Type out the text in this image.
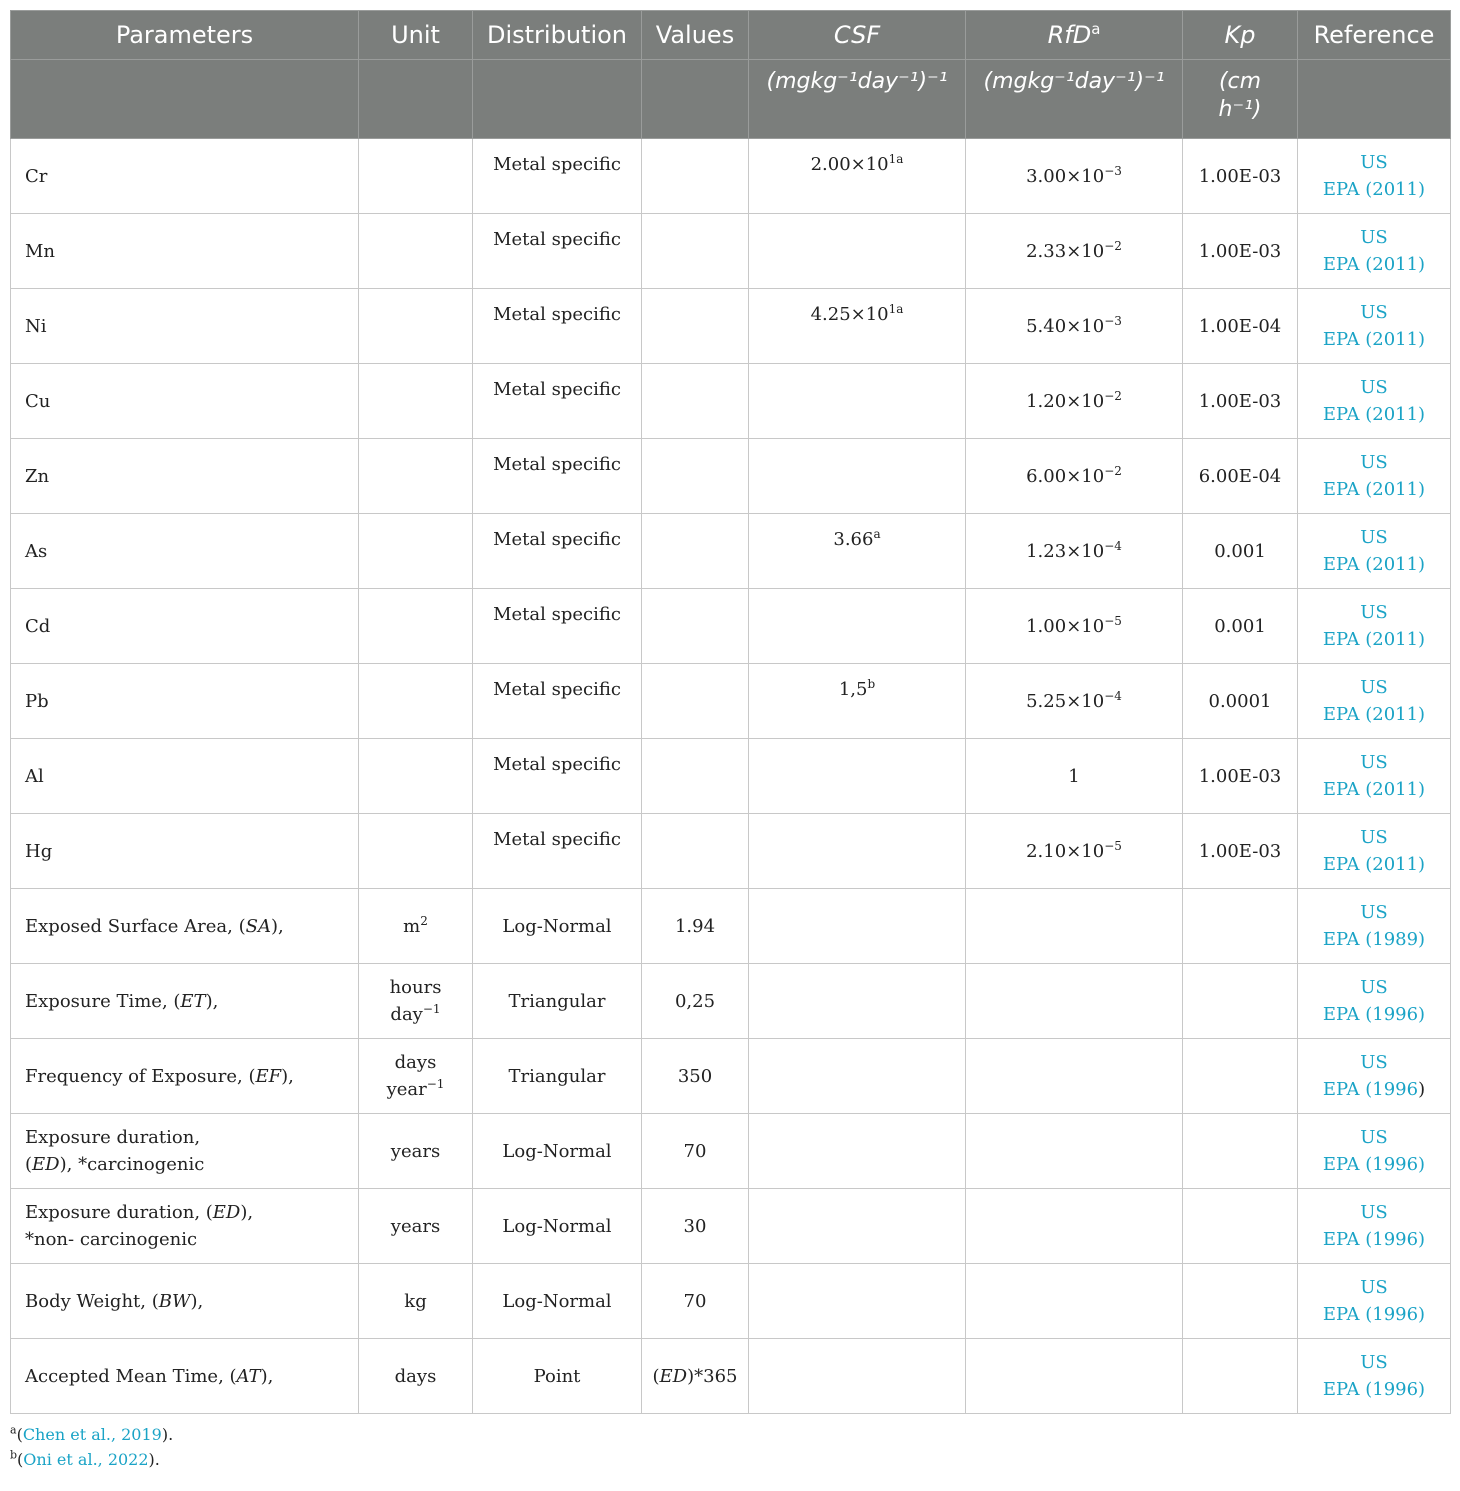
Parameters	Unit	Distribution	Values	CSF	RfD$^a$	Kp	Reference
				(mgkg⁻¹day⁻¹)⁻¹	(mgkg⁻¹day⁻¹)⁻¹	(cm
h⁻¹)	
Cr		Metal specific		$2.00\times 10^{1a}$	$3.00\times 10^{-3}$	1.00E-03	US
EPA (2011)
Mn		Metal specific			$2.33\times 10^{-2}$	1.00E-03	US
EPA (2011)
Ni		Metal specific		$4.25\times 10^{1a}$	$5.40\times 10^{-3}$	1.00E-04	US
EPA (2011)
Cu		Metal specific			$1.20\times 10^{-2}$	1.00E-03	US
EPA (2011)
Zn		Metal specific			$6.00\times 10^{-2}$	6.00E-04	US
EPA (2011)
As		Metal specific		3.66$^a$	$1.23\times 10^{-4}$	0.001	US
EPA (2011)
Cd		Metal specific			$1.00\times 10^{-5}$	0.001	US
EPA (2011)
Pb		Metal specific		1,5$^b$	$5.25\times 10^{-4}$	0.0001	US
EPA (2011)
Al		Metal specific			1	1.00E-03	US
EPA (2011)
Hg		Metal specific			$2.10\times 10^{-5}$	1.00E-03	US
EPA (2011)
Exposed Surface Area, (SA),	$m^2$	Log-Normal	1.94				US
EPA (1989)
Exposure Time, (ET),	hours
day$^{-1}$	Triangular	0,25				US
EPA (1996)
Frequency of Exposure, (EF),	days
year$^{-1}$	Triangular	350				US
EPA (1996)
Exposure duration,
(ED), *carcinogenic	years	Log-Normal	70				US
EPA (1996)
Exposure duration, (ED),
*non- carcinogenic	years	Log-Normal	30				US
EPA (1996)
Body Weight, (BW),	kg	Log-Normal	70				US
EPA (1996)
Accepted Mean Time, (AT),	days	Point	(ED)*365				US
EPA (1996)
$^a$(Chen et al., 2019).
$^b$(Oni et al., 2022).
